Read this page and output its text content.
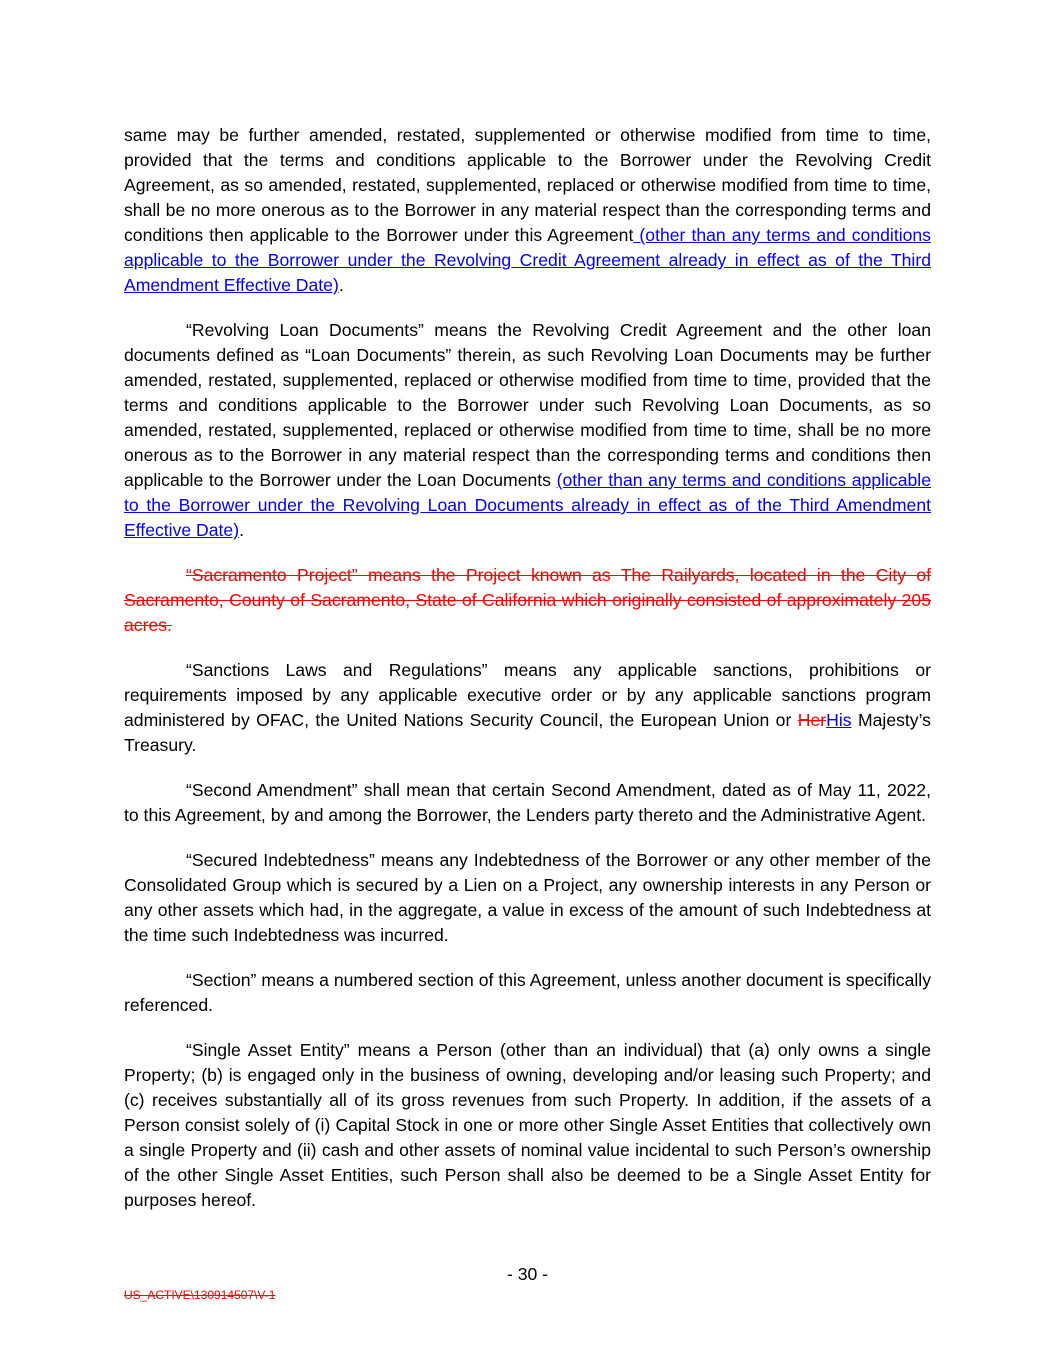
same may be further amended, restated, supplemented or otherwise modified from time to time, provided that the terms and conditions applicable to the Borrower under the Revolving Credit Agreement, as so amended, restated, supplemented, replaced or otherwise modified from time to time, shall be no more onerous as to the Borrower in any material respect than the corresponding terms and conditions then applicable to the Borrower under this Agreement (other than any terms and conditions applicable to the Borrower under the Revolving Credit Agreement already in effect as of the Third Amendment Effective Date).

“Revolving Loan Documents” means the Revolving Credit Agreement and the other loan documents defined as “Loan Documents” therein, as such Revolving Loan Documents may be further amended, restated, supplemented, replaced or otherwise modified from time to time, provided that the terms and conditions applicable to the Borrower under such Revolving Loan Documents, as so amended, restated, supplemented, replaced or otherwise modified from time to time, shall be no more onerous as to the Borrower in any material respect than the corresponding terms and conditions then applicable to the Borrower under the Loan Documents (other than any terms and conditions applicable to the Borrower under the Revolving Loan Documents already in effect as of the Third Amendment Effective Date).

“Sacramento Project” means the Project known as The Railyards, located in the City of Sacramento, County of Sacramento, State of California which originally consisted of approximately 205 acres.

“Sanctions Laws and Regulations” means any applicable sanctions, prohibitions or requirements imposed by any applicable executive order or by any applicable sanctions program administered by OFAC, the United Nations Security Council, the European Union or HerHis Majesty’s Treasury.

“Second Amendment” shall mean that certain Second Amendment, dated as of May 11, 2022, to this Agreement, by and among the Borrower, the Lenders party thereto and the Administrative Agent.

“Secured Indebtedness” means any Indebtedness of the Borrower or any other member of the Consolidated Group which is secured by a Lien on a Project, any ownership interests in any Person or any other assets which had, in the aggregate, a value in excess of the amount of such Indebtedness at the time such Indebtedness was incurred.

“Section” means a numbered section of this Agreement, unless another document is specifically referenced.

“Single Asset Entity” means a Person (other than an individual) that (a) only owns a single Property; (b) is engaged only in the business of owning, developing and/or leasing such Property; and (c) receives substantially all of its gross revenues from such Property. In addition, if the assets of a Person consist solely of (i) Capital Stock in one or more other Single Asset Entities that collectively own a single Property and (ii) cash and other assets of nominal value incidental to such Person’s ownership of the other Single Asset Entities, such Person shall also be deemed to be a Single Asset Entity for purposes hereof.

- 30 -
US_ACTIVE\130914507\V-1
